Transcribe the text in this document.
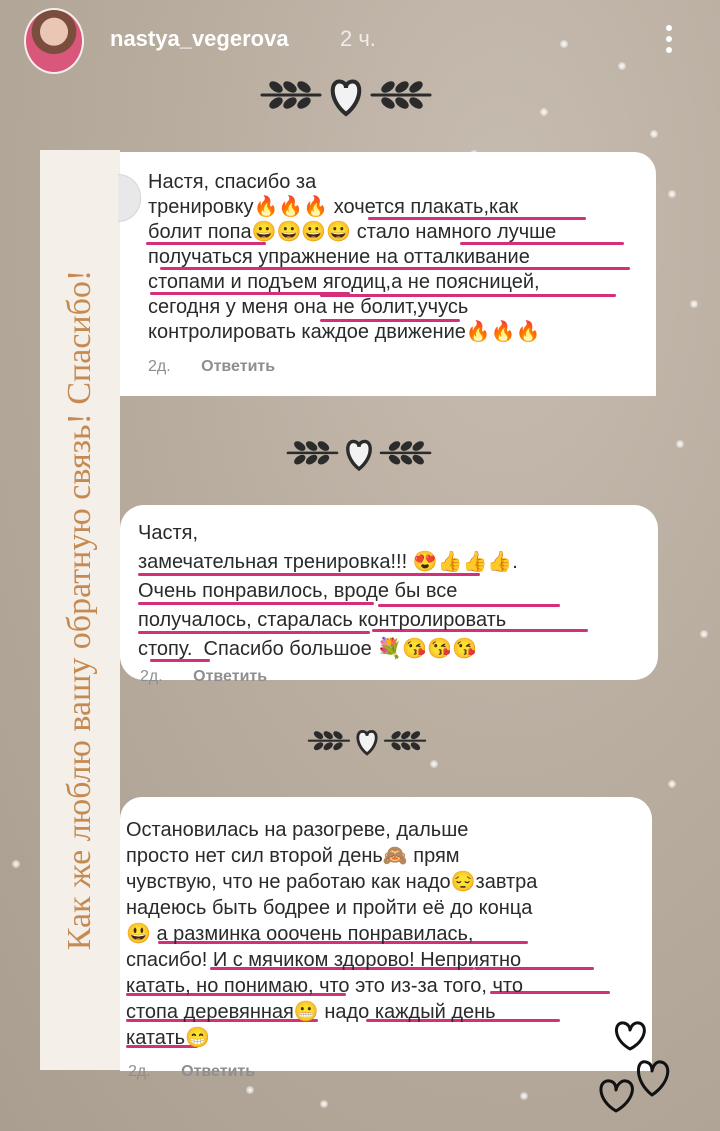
nastya_vegerova 2 ч.
Как же люблю вашу обратную связь! Спасибо!

Настя, спасибо за
тренировку🔥🔥🔥 хочется плакать,как
болит попа😀😀😀😀 стало намного лучше
получаться упражнение на отталкивание
стопами и подъем ягодиц,а не поясницей,
сегодня у меня она не болит,учусь
контролировать каждое движение🔥🔥🔥

2д. Ответить

Частя,
замечательная тренировка!!! 😍👍👍👍.
Очень понравилось, вроде бы все
получалось, старалась контролировать
стопу.  Спасибо большое 💐😘😘😘

2д. Ответить

Остановилась на разогреве, дальше
просто нет сил второй день🙈 прям
чувствую, что не работаю как надо😔завтра
надеюсь быть бодрее и пройти её до конца
😃 а разминка ооочень понравилась,
спасибо! И с мячиком здорово! Неприятно
катать, но понимаю, что это из-за того, что
стопа деревянная😬 надо каждый день
катать😁

2д. Ответить
